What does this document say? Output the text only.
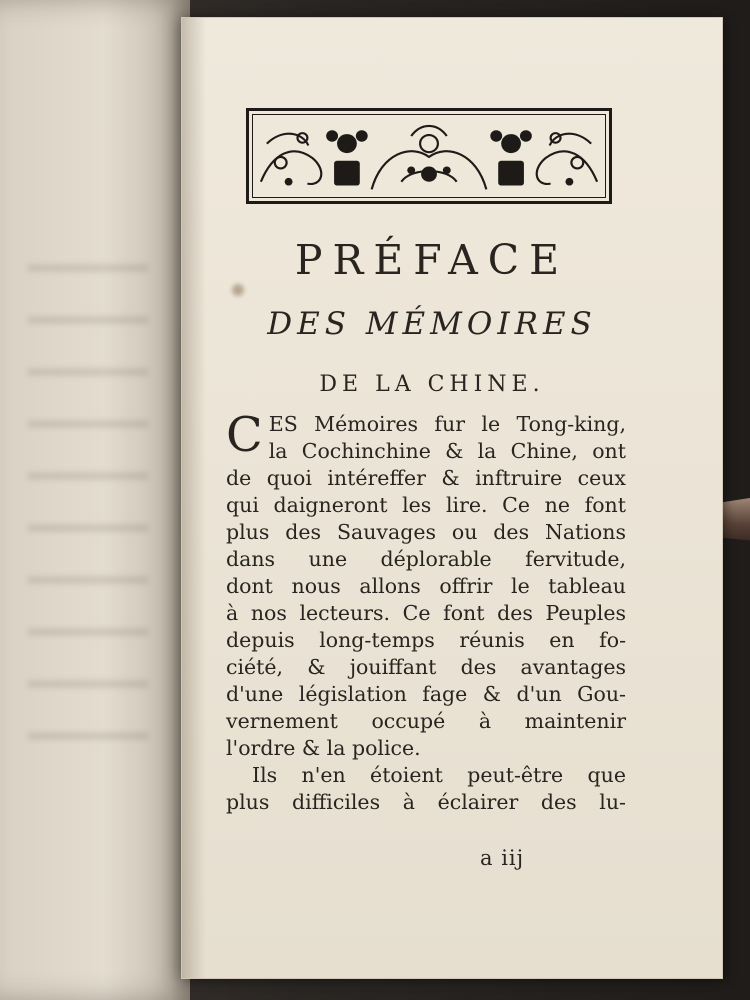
PRÉFACE
DES MÉMOIRES
DE LA CHINE.
C ES Mémoires fur le Tong-king,
la Cochinchine & la Chine, ont
de quoi intéreffer & inftruire ceux
qui daigneront les lire. Ce ne font
plus des Sauvages ou des Nations
dans une déplorable fervitude,
dont nous allons offrir le tableau
à nos lecteurs. Ce font des Peuples
depuis long-temps réunis en fo-
ciété, & jouiffant des avantages
d'une législation fage & d'un Gou-
vernement occupé à maintenir
l'ordre & la police.
Ils n'en étoient peut-être que
plus difficiles à éclairer des lu-
a iij
